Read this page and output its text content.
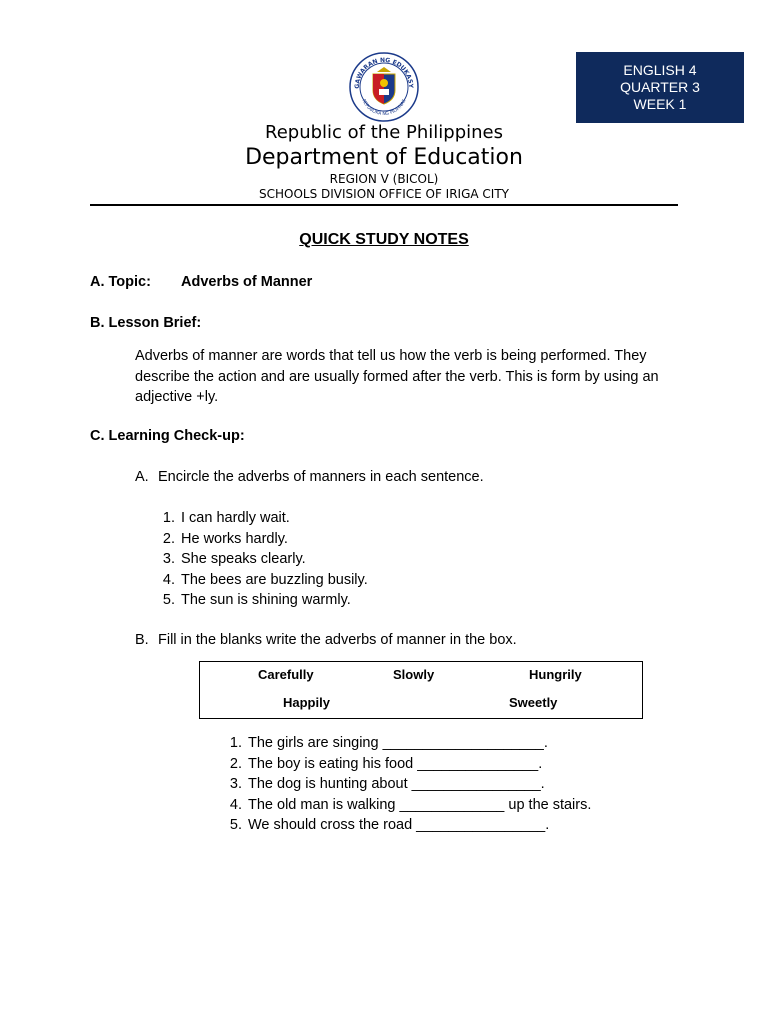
GAWARAN NG EDUKASY
REPUBLIKA NG PILIPINAS
Republic of the Philippines
Department of Education
REGION V (BICOL)
SCHOOLS DIVISION OFFICE OF IRIGA CITY
ENGLISH 4
QUARTER 3
WEEK 1
QUICK STUDY NOTES
A. Topic: Adverbs of Manner
B. Lesson Brief:
Adverbs of manner are words that tell us how the verb is being performed. They describe the action and are usually formed after the verb. This is form by using an adjective +ly.
C. Learning Check-up:
A. Encircle the adverbs of manners in each sentence.
1. I can hardly wait.
2. He works hardly.
3. She speaks clearly.
4. The bees are buzzling busily.
5. The sun is shining warmly.
B. Fill in the blanks write the adverbs of manner in the box.
Carefully	Slowly	Hungrily
Happily	Sweetly
1. The girls are singing ____________________.
2. The boy is eating his food _______________.
3. The dog is hunting about ________________.
4. The old man is walking _____________ up the stairs.
5. We should cross the road ________________.
